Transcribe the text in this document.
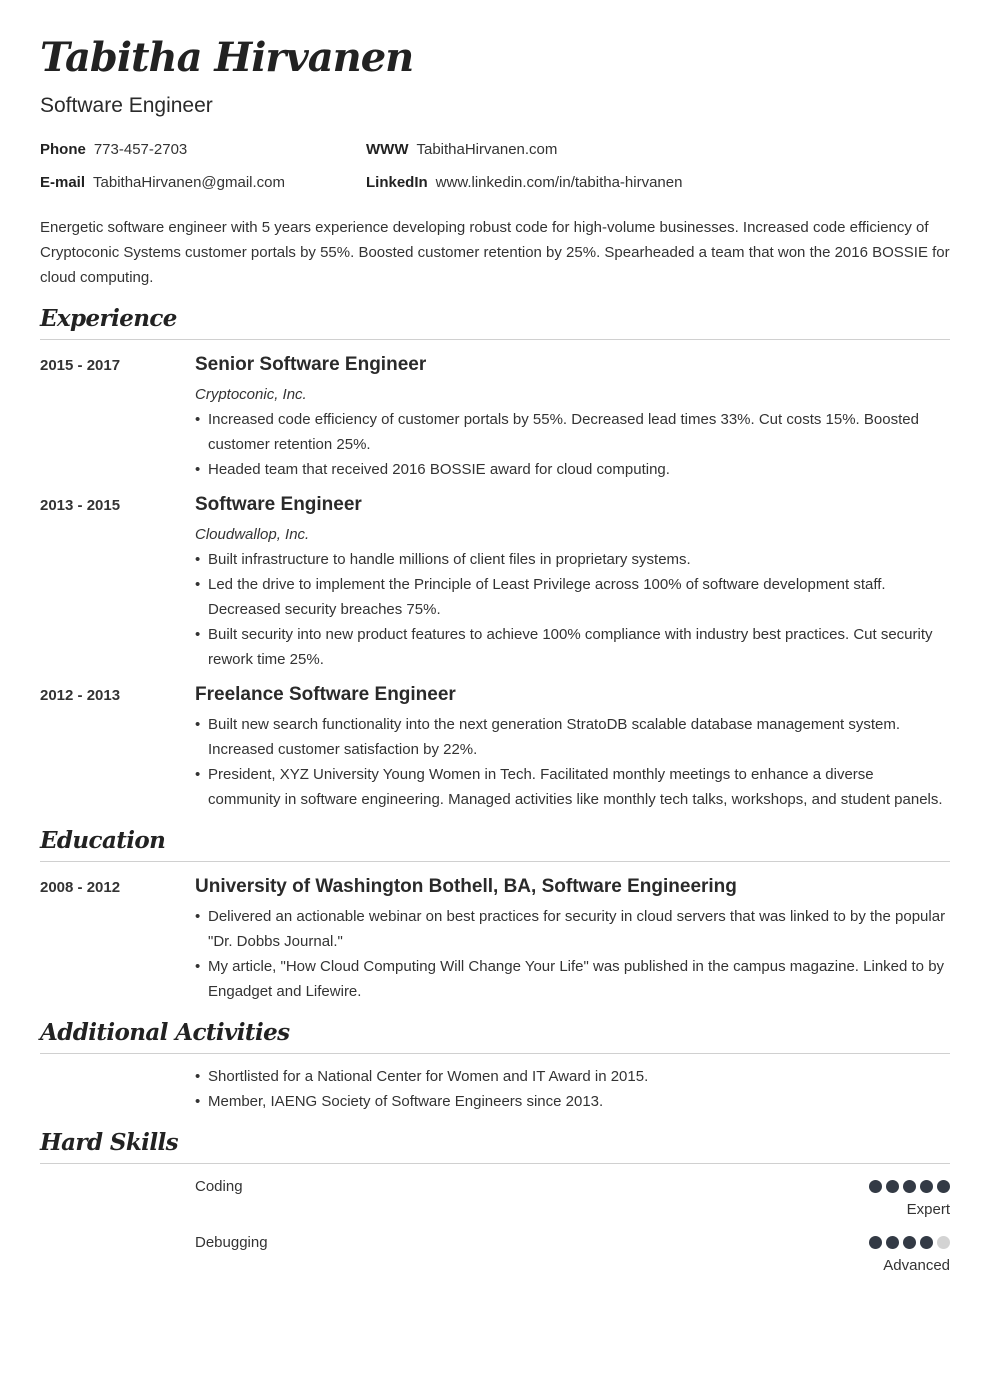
Tabitha Hirvanen
Software Engineer
Phone 773-457-2703	WWW TabithaHirvanen.com
E-mail TabithaHirvanen@gmail.com	LinkedIn www.linkedin.com/in/tabitha-hirvanen
Energetic software engineer with 5 years experience developing robust code for high-volume businesses. Increased code efficiency of Cryptoconic Systems customer portals by 55%. Boosted customer retention by 25%. Spearheaded a team that won the 2016 BOSSIE for cloud computing.
Experience
2015 - 2017	Senior Software Engineer
Cryptoconic, Inc.
• Increased code efficiency of customer portals by 55%. Decreased lead times 33%. Cut costs 15%. Boosted customer retention 25%.
• Headed team that received 2016 BOSSIE award for cloud computing.
2013 - 2015	Software Engineer
Cloudwallop, Inc.
• Built infrastructure to handle millions of client files in proprietary systems.
• Led the drive to implement the Principle of Least Privilege across 100% of software development staff. Decreased security breaches 75%.
• Built security into new product features to achieve 100% compliance with industry best practices. Cut security rework time 25%.
2012 - 2013	Freelance Software Engineer
• Built new search functionality into the next generation StratoDB scalable database management system. Increased customer satisfaction by 22%.
• President, XYZ University Young Women in Tech. Facilitated monthly meetings to enhance a diverse community in software engineering. Managed activities like monthly tech talks, workshops, and student panels.
Education
2008 - 2012	University of Washington Bothell, BA, Software Engineering
• Delivered an actionable webinar on best practices for security in cloud servers that was linked to by the popular "Dr. Dobbs Journal."
• My article, "How Cloud Computing Will Change Your Life" was published in the campus magazine. Linked to by Engadget and Lifewire.
Additional Activities
• Shortlisted for a National Center for Women and IT Award in 2015.
• Member, IAENG Society of Software Engineers since 2013.
Hard Skills
Coding
Expert
Debugging
Advanced
